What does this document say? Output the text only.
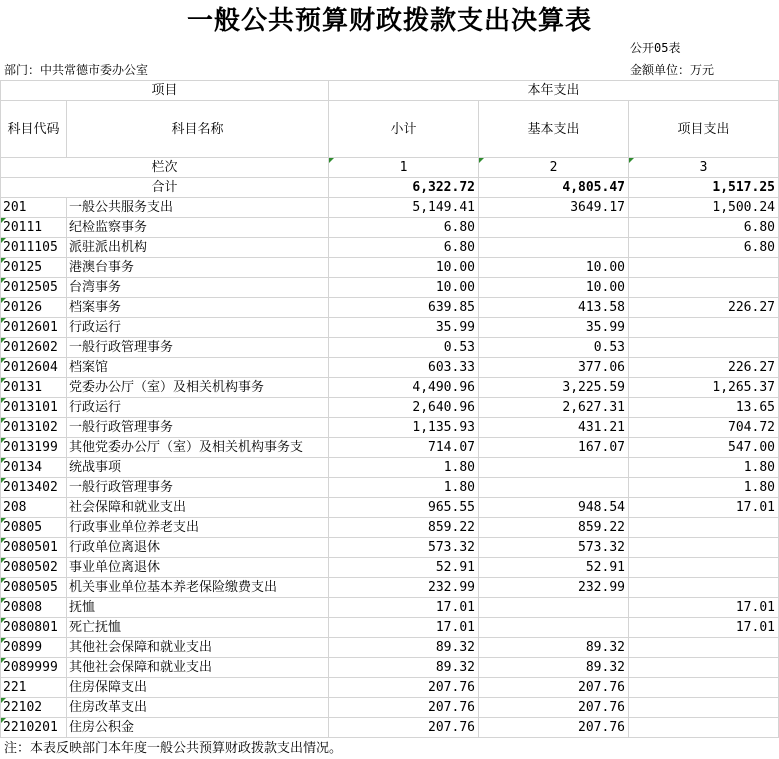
一般公共预算财政拨款支出决算表
公开05表
部门：中共常德市委办公室	金额单位：万元
项目		本年支出		
科目代码	科目名称	小计	基本支出	项目支出
栏次		1	2	3
合计		6,322.72	4,805.47	1,517.25
201	一般公共服务支出	5,149.41	3649.17	1,500.24
20111	纪检监察事务	6.80		6.80
2011105	派驻派出机构	6.80		6.80
20125	港澳台事务	10.00	10.00	
2012505	台湾事务	10.00	10.00	
20126	档案事务	639.85	413.58	226.27
2012601	行政运行	35.99	35.99	
2012602	一般行政管理事务	0.53	0.53	
2012604	档案馆	603.33	377.06	226.27
20131	党委办公厅（室）及相关机构事务	4,490.96	3,225.59	1,265.37
2013101	行政运行	2,640.96	2,627.31	13.65
2013102	一般行政管理事务	1,135.93	431.21	704.72
2013199	其他党委办公厅（室）及相关机构事务支	714.07	167.07	547.00
20134	统战事项	1.80		1.80
2013402	一般行政管理事务	1.80		1.80
208	社会保障和就业支出	965.55	948.54	17.01
20805	行政事业单位养老支出	859.22	859.22	
2080501	行政单位离退休	573.32	573.32	
2080502	事业单位离退休	52.91	52.91	
2080505	机关事业单位基本养老保险缴费支出	232.99	232.99	
20808	抚恤	17.01		17.01
2080801	死亡抚恤	17.01		17.01
20899	其他社会保障和就业支出	89.32	89.32	
2089999	其他社会保障和就业支出	89.32	89.32	
221	住房保障支出	207.76	207.76	
22102	住房改革支出	207.76	207.76	
2210201	住房公积金	207.76	207.76	
注：本表反映部门本年度一般公共预算财政拨款支出情况。
